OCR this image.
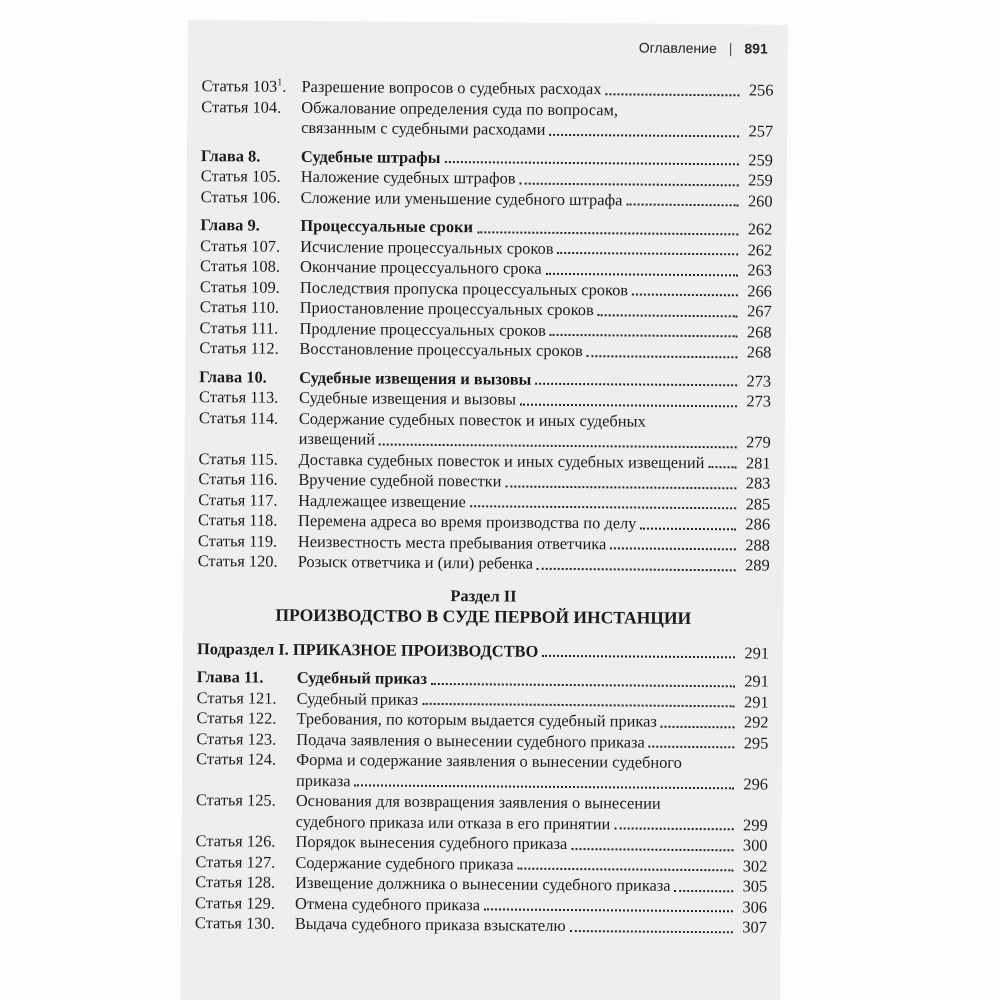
Оглавление | 891
Статья $103^1$. Разрешение вопросов о судебных расходах	256
Статья 104.	Обжалование определения суда по вопросам,
связанным с судебными расходами	257
Глава 8.	Судебные штрафы	259
Статья 105.	Наложение судебных штрафов	259
Статья 106.	Сложение или уменьшение судебного штрафа	260
Глава 9.	Процессуальные сроки	262
Статья 107.	Исчисление процессуальных сроков	262
Статья 108.	Окончание процессуального срока	263
Статья 109.	Последствия пропуска процессуальных сроков	266
Статья 110.	Приостановление процессуальных сроков	267
Статья 111.	Продление процессуальных сроков	268
Статья 112.	Восстановление процессуальных сроков	268
Глава 10.	Судебные извещения и вызовы	273
Статья 113.	Судебные извещения и вызовы	273
Статья 114.	Содержание судебных повесток и иных судебных
извещений	279
Статья 115.	Доставка судебных повесток и иных судебных извещений	281
Статья 116.	Вручение судебной повестки	283
Статья 117.	Надлежащее извещение	285
Статья 118.	Перемена адреса во время производства по делу	286
Статья 119.	Неизвестность места пребывания ответчика	288
Статья 120.	Розыск ответчика и (или) ребенка	289
Раздел II
ПРОИЗВОДСТВО В СУДЕ ПЕРВОЙ ИНСТАНЦИИ
Подраздел I. ПРИКАЗНОЕ ПРОИЗВОДСТВО	291
Глава 11.	Судебный приказ	291
Статья 121.	Судебный приказ	291
Статья 122.	Требования, по которым выдается судебный приказ	292
Статья 123.	Подача заявления о вынесении судебного приказа	295
Статья 124.	Форма и содержание заявления о вынесении судебного
приказа	296
Статья 125.	Основания для возвращения заявления о вынесении
судебного приказа или отказа в его принятии	299
Статья 126.	Порядок вынесения судебного приказа	300
Статья 127.	Содержание судебного приказа	302
Статья 128.	Извещение должника о вынесении судебного приказа	305
Статья 129.	Отмена судебного приказа	306
Статья 130.	Выдача судебного приказа взыскателю	307
